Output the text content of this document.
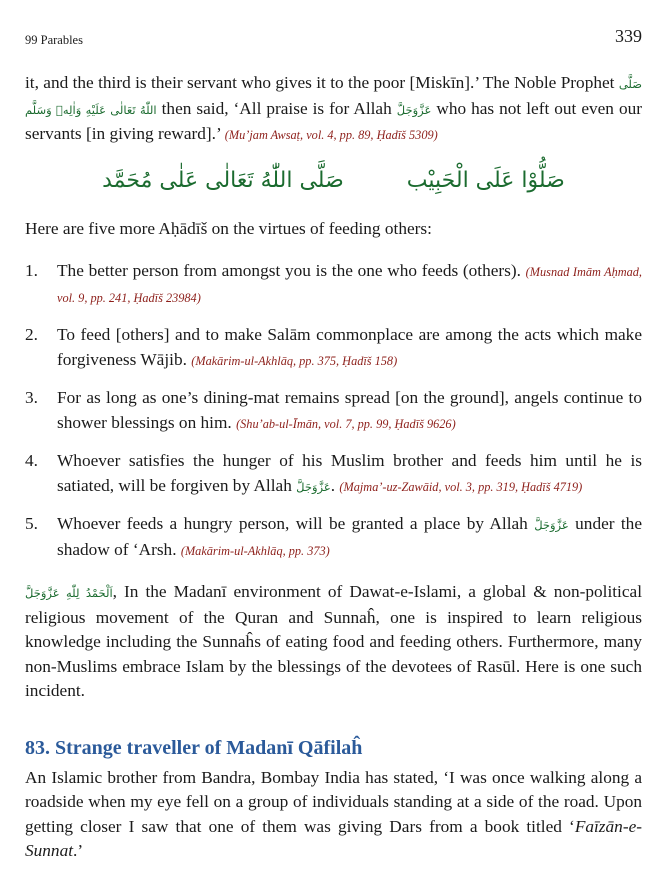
99 Parables	339

it, and the third is their servant who gives it to the poor [Miskīn].’ The Noble Prophet صَلَّى اللّٰهُ تَعَالٰى عَلَيْهِ وَاٰلِهٖ وَسَلَّم then said, ‘All praise is for Allah عَزَّوَجَلَّ who has not left out even our servants [in giving reward].’ (Mu’jam Awsaṭ, vol. 4, pp. 89, Ḥadīš 5309)

صَلُّوْا عَلَى الْحَبِيْب صَلَّى اللّٰهُ تَعَالٰى عَلٰى مُحَمَّد

Here are five more Aḥādīš on the virtues of feeding others:

1. The better person from amongst you is the one who feeds (others). (Musnad Imām Aḥmad, vol. 9, pp. 241, Ḥadīš 23984)

2. To feed [others] and to make Salām commonplace are among the acts which make forgiveness Wājib. (Makārim-ul-Akhlāq, pp. 375, Ḥadīš 158)

3. For as long as one’s dining-mat remains spread [on the ground], angels continue to shower blessings on him. (Shu’ab-ul-Īmān, vol. 7, pp. 99, Ḥadīš 9626)

4. Whoever satisfies the hunger of his Muslim brother and feeds him until he is satiated, will be forgiven by Allah عَزَّوَجَلَّ. (Majma’-uz-Zawāid, vol. 3, pp. 319, Ḥadīš 4719)

5. Whoever feeds a hungry person, will be granted a place by Allah عَزَّوَجَلَّ under the shadow of ‘Arsh. (Makārim-ul-Akhlāq, pp. 373)

اَلْحَمْدُ لِلّٰهِ عَزَّوَجَلَّ, In the Madanī environment of Dawat-e-Islami, a global & non-political religious movement of the Quran and Sunnaĥ, one is inspired to learn religious knowledge including the Sunnaĥs of eating food and feeding others. Furthermore, many non-Muslims embrace Islam by the blessings of the devotees of Rasūl. Here is one such incident.

83. Strange traveller of Madanī Qāfilaĥ

An Islamic brother from Bandra, Bombay India has stated, ‘I was once walking along a roadside when my eye fell on a group of individuals standing at a side of the road. Upon getting closer I saw that one of them was giving Dars from a book titled ‘Faīzān-e-Sunnat.’
